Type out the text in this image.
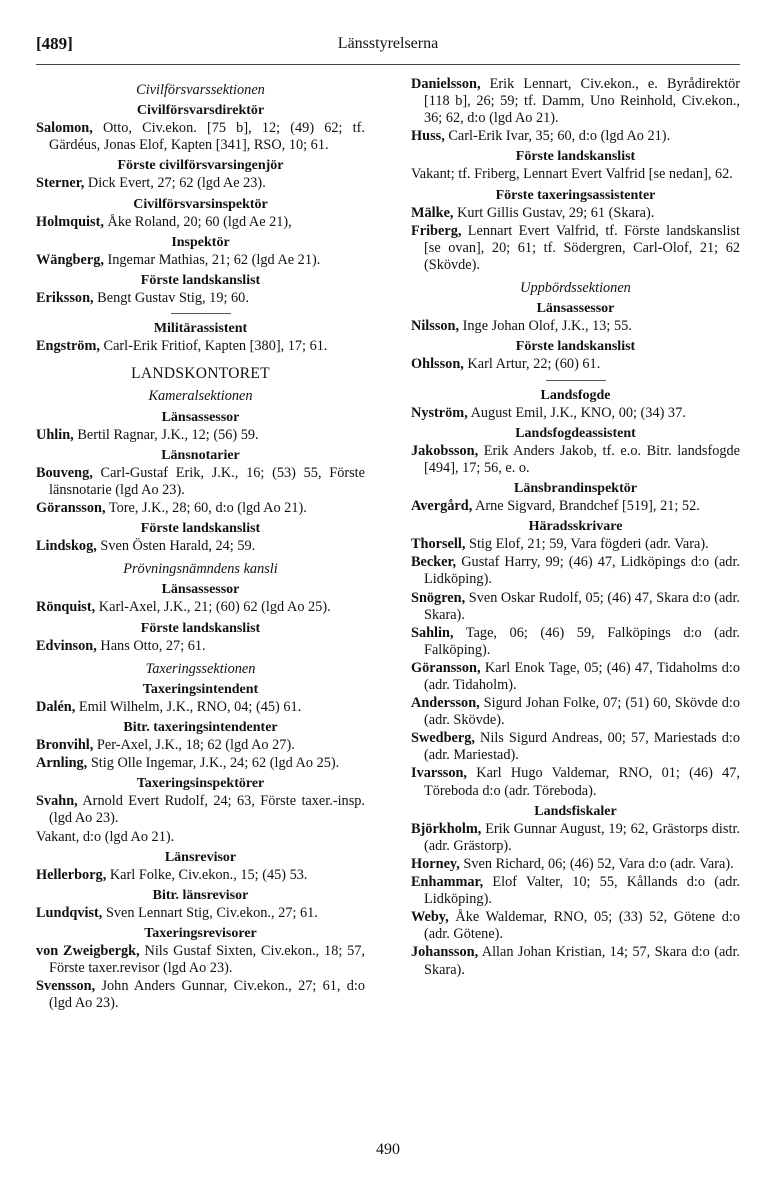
[489]	Länsstyrelserna
Civilförsvarssektionen
Civilförsvarsdirektör
Salomon, Otto, Civ.ekon. [75 b], 12; (49) 62; tf. Gärdéus, Jonas Elof, Kapten [341], RSO, 10; 61.
Förste civilförsvarsingenjör
Sterner, Dick Evert, 27; 62 (lgd Ae 23).
Civilförsvarsinspektör
Holmquist, Åke Roland, 20; 60 (lgd Ae 21),
Inspektör
Wängberg, Ingemar Mathias, 21; 62 (lgd Ae 21).
Förste landskanslist
Eriksson, Bengt Gustav Stig, 19; 60.
Militärassistent
Engström, Carl-Erik Fritiof, Kapten [380], 17; 61.
LANDSKONTORET
Kameralsektionen
Länsassessor
Uhlin, Bertil Ragnar, J.K., 12; (56) 59.
Länsnotarier
Bouveng, Carl-Gustaf Erik, J.K., 16; (53) 55, Förste länsnotarie (lgd Ao 23).
Göransson, Tore, J.K., 28; 60, d:o (lgd Ao 21).
Förste landskanslist
Lindskog, Sven Östen Harald, 24; 59.
Prövningsnämndens kansli
Länsassessor
Rönquist, Karl-Axel, J.K., 21; (60) 62 (lgd Ao 25).
Förste landskanslist
Edvinson, Hans Otto, 27; 61.
Taxeringssektionen
Taxeringsintendent
Dalén, Emil Wilhelm, J.K., RNO, 04; (45) 61.
Bitr. taxeringsintendenter
Bronvihl, Per-Axel, J.K., 18; 62 (lgd Ao 27).
Arnling, Stig Olle Ingemar, J.K., 24; 62 (lgd Ao 25).
Taxeringsinspektörer
Svahn, Arnold Evert Rudolf, 24; 63, Förste taxer.-insp. (lgd Ao 23).
Vakant, d:o (lgd Ao 21).
Länsrevisor
Hellerborg, Karl Folke, Civ.ekon., 15; (45) 53.
Bitr. länsrevisor
Lundqvist, Sven Lennart Stig, Civ.ekon., 27; 61.
Taxeringsrevisorer
von Zweigbergk, Nils Gustaf Sixten, Civ.ekon., 18; 57, Förste taxer.revisor (lgd Ao 23).
Svensson, John Anders Gunnar, Civ.ekon., 27; 61, d:o (lgd Ao 23).
Danielsson, Erik Lennart, Civ.ekon., e. Byrådirektör [118 b], 26; 59; tf. Damm, Uno Reinhold, Civ.ekon., 36; 62, d:o (lgd Ao 21).
Huss, Carl-Erik Ivar, 35; 60, d:o (lgd Ao 21).
Förste landskanslist
Vakant; tf. Friberg, Lennart Evert Valfrid [se nedan], 62.
Förste taxeringsassistenter
Mälke, Kurt Gillis Gustav, 29; 61 (Skara).
Friberg, Lennart Evert Valfrid, tf. Förste landskanslist [se ovan], 20; 61; tf. Södergren, Carl-Olof, 21; 62 (Skövde).
Uppbördssektionen
Länsassessor
Nilsson, Inge Johan Olof, J.K., 13; 55.
Förste landskanslist
Ohlsson, Karl Artur, 22; (60) 61.
Landsfogde
Nyström, August Emil, J.K., KNO, 00; (34) 37.
Landsfogdeassistent
Jakobsson, Erik Anders Jakob, tf. e.o. Bitr. landsfogde [494], 17; 56, e. o.
Länsbrandinspektör
Avergård, Arne Sigvard, Brandchef [519], 21; 52.
Häradsskrivare
Thorsell, Stig Elof, 21; 59, Vara fögderi (adr. Vara).
Becker, Gustaf Harry, 99; (46) 47, Lidköpings d:o (adr. Lidköping).
Snögren, Sven Oskar Rudolf, 05; (46) 47, Skara d:o (adr. Skara).
Sahlin, Tage, 06; (46) 59, Falköpings d:o (adr. Falköping).
Göransson, Karl Enok Tage, 05; (46) 47, Tidaholms d:o (adr. Tidaholm).
Andersson, Sigurd Johan Folke, 07; (51) 60, Skövde d:o (adr. Skövde).
Swedberg, Nils Sigurd Andreas, 00; 57, Mariestads d:o (adr. Mariestad).
Ivarsson, Karl Hugo Valdemar, RNO, 01; (46) 47, Töreboda d:o (adr. Töreboda).
Landsfiskaler
Björkholm, Erik Gunnar August, 19; 62, Grästorps distr. (adr. Grästorp).
Horney, Sven Richard, 06; (46) 52, Vara d:o (adr. Vara).
Enhammar, Elof Valter, 10; 55, Kållands d:o (adr. Lidköping).
Weby, Åke Waldemar, RNO, 05; (33) 52, Götene d:o (adr. Götene).
Johansson, Allan Johan Kristian, 14; 57, Skara d:o (adr. Skara).
490
